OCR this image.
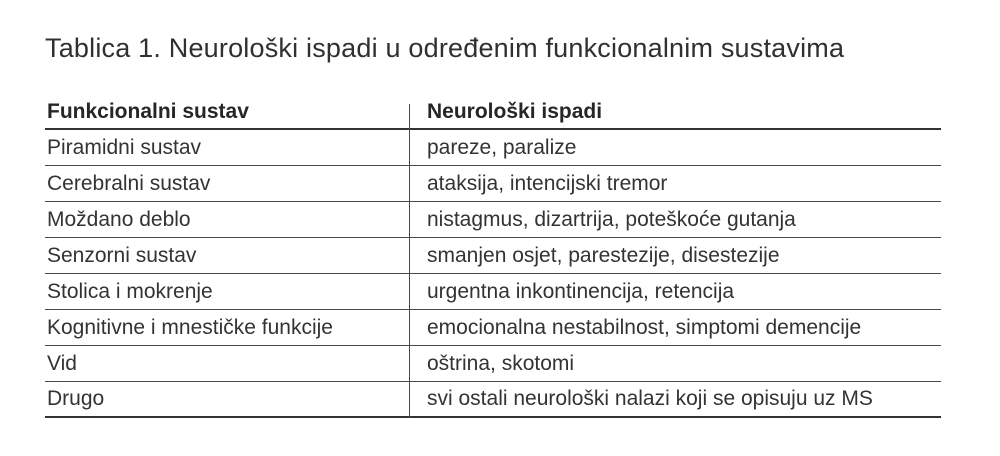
Tablica 1. Neurološki ispadi u određenim funkcionalnim sustavima
Funkcionalni sustav	Neurološki ispadi
Piramidni sustav	pareze, paralize
Cerebralni sustav	ataksija, intencijski tremor
Moždano deblo	nistagmus, dizartrija, poteškoće gutanja
Senzorni sustav	smanjen osjet, parestezije, disestezije
Stolica i mokrenje	urgentna inkontinencija, retencija
Kognitivne i mnestičke funkcije	emocionalna nestabilnost, simptomi demencije
Vid	oštrina, skotomi
Drugo	svi ostali neurološki nalazi koji se opisuju uz MS
